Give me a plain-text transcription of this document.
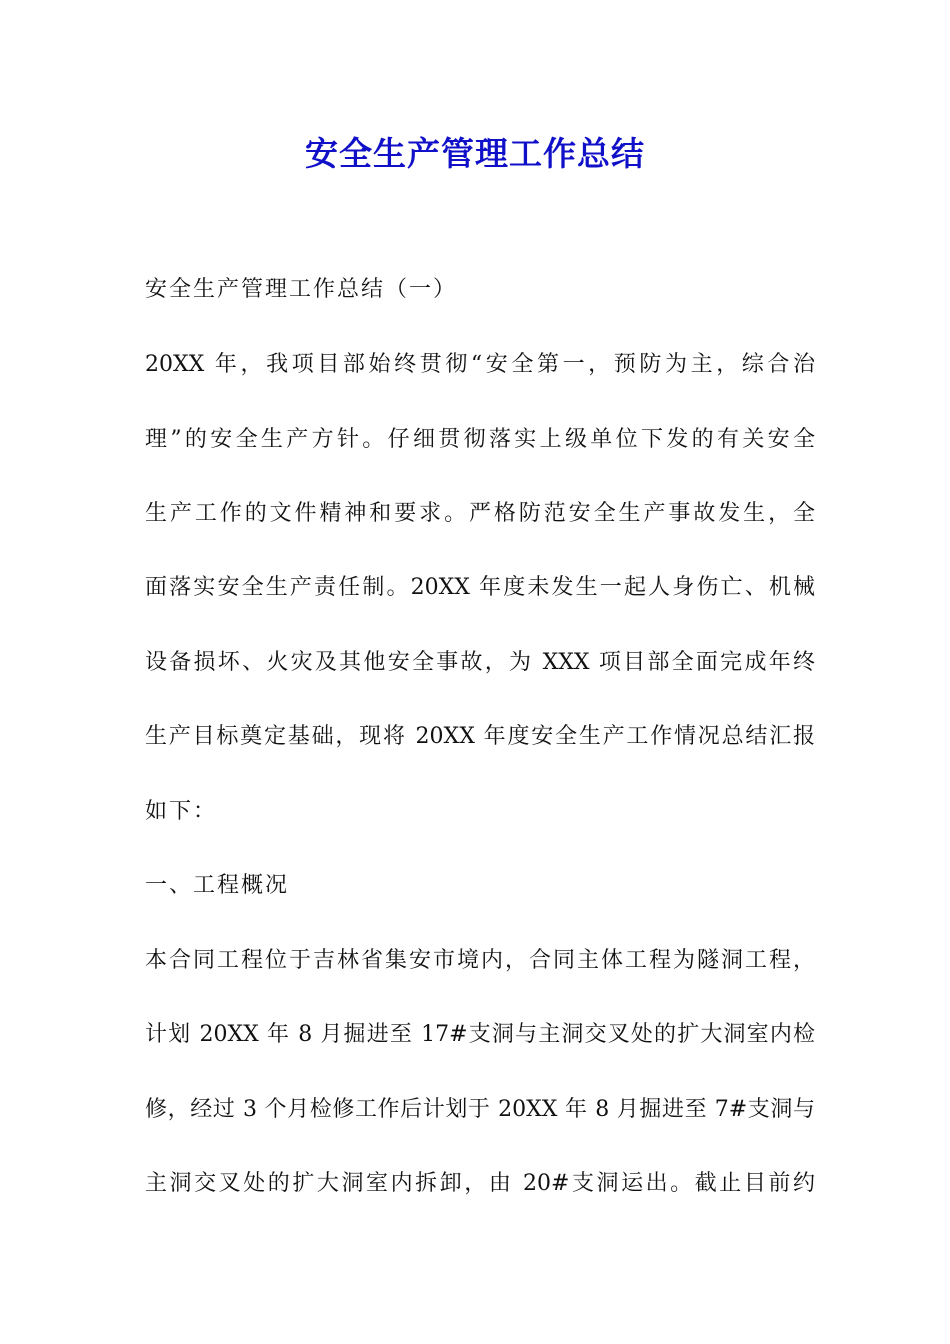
安全生产管理工作总结
安全生产管理工作总结（一）
20XX 年，我项目部始终贯彻“安全第一，预防为主，综合治
理”的安全生产方针。仔细贯彻落实上级单位下发的有关安全
生产工作的文件精神和要求。严格防范安全生产事故发生，全
面落实安全生产责任制。20XX 年度未发生一起人身伤亡、机械
设备损坏、火灾及其他安全事故，为 XXX 项目部全面完成年终
生产目标奠定基础，现将 20XX 年度安全生产工作情况总结汇报
如下：
一、工程概况
本合同工程位于吉林省集安市境内，合同主体工程为隧洞工程，
计划 20XX 年 8 月掘进至 17#支洞与主洞交叉处的扩大洞室内检
修，经过 3 个月检修工作后计划于 20XX 年 8 月掘进至 7#支洞与
主洞交叉处的扩大洞室内拆卸，由 20#支洞运出。截止目前约
